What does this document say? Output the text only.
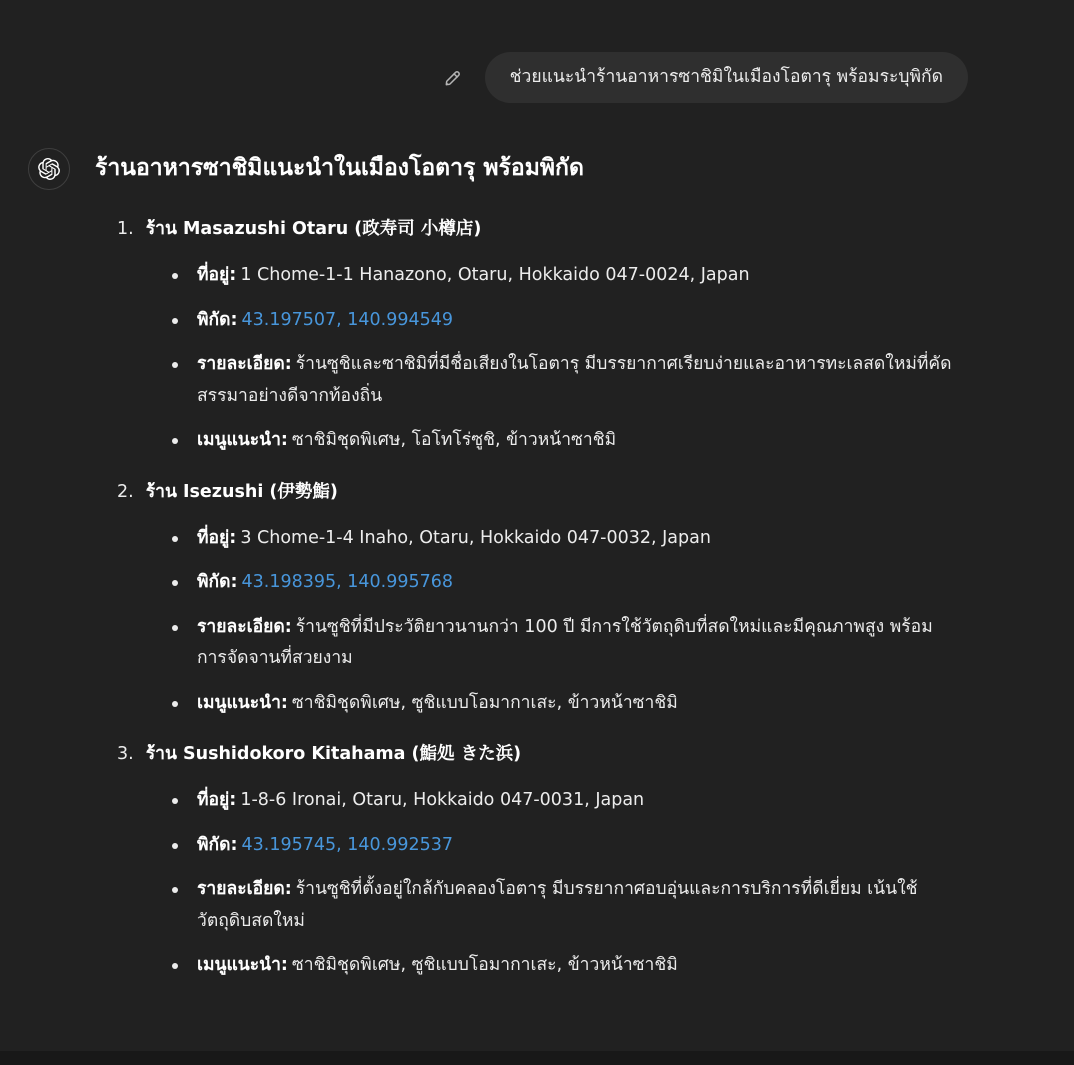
ช่วยแนะนำร้านอาหารซาชิมิในเมืองโอตารุ พร้อมระบุพิกัด
ร้านอาหารซาชิมิแนะนำในเมืองโอตารุ พร้อมพิกัด
ร้าน Masazushi Otaru (政寿司 小樽店)
ที่อยู่: 1 Chome-1-1 Hanazono, Otaru, Hokkaido 047-0024, Japan
พิกัด: 43.197507, 140.994549
รายละเอียด: ร้านซูชิและซาชิมิที่มีชื่อเสียงในโอตารุ มีบรรยากาศเรียบง่ายและอาหารทะเลสดใหม่ที่คัดสรรมาอย่างดีจากท้องถิ่น
เมนูแนะนำ: ซาชิมิชุดพิเศษ, โอโทโร่ซูชิ, ข้าวหน้าซาชิมิ
ร้าน Isezushi (伊勢鮨)
ที่อยู่: 3 Chome-1-4 Inaho, Otaru, Hokkaido 047-0032, Japan
พิกัด: 43.198395, 140.995768
รายละเอียด: ร้านซูชิที่มีประวัติยาวนานกว่า 100 ปี มีการใช้วัตถุดิบที่สดใหม่และมีคุณภาพสูง พร้อมการจัดจานที่สวยงาม
เมนูแนะนำ: ซาชิมิชุดพิเศษ, ซูชิแบบโอมากาเสะ, ข้าวหน้าซาชิมิ
ร้าน Sushidokoro Kitahama (鮨処 きた浜)
ที่อยู่: 1-8-6 Ironai, Otaru, Hokkaido 047-0031, Japan
พิกัด: 43.195745, 140.992537
รายละเอียด: ร้านซูชิที่ตั้งอยู่ใกล้กับคลองโอตารุ มีบรรยากาศอบอุ่นและการบริการที่ดีเยี่ยม เน้นใช้วัตถุดิบสดใหม่
เมนูแนะนำ: ซาชิมิชุดพิเศษ, ซูชิแบบโอมากาเสะ, ข้าวหน้าซาชิมิ
